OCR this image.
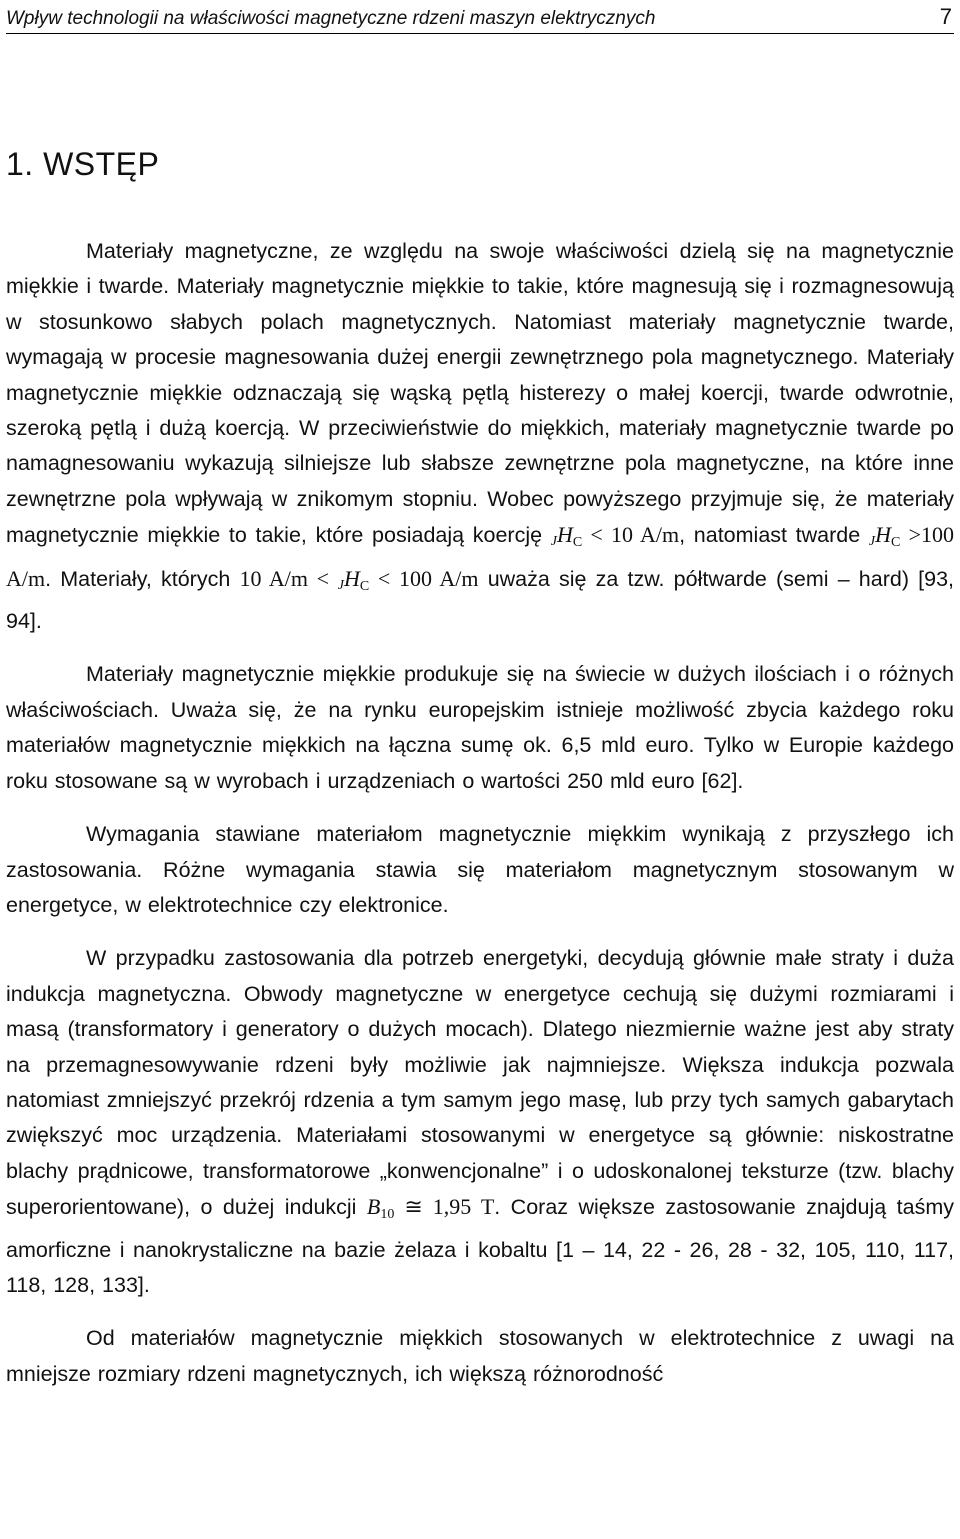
Wpływ technologii na właściwości magnetyczne rdzeni maszyn elektrycznych	7
1. WSTĘP

Materiały magnetyczne, ze względu na swoje właściwości dzielą się na magnetycznie miękkie i twarde. Materiały magnetycznie miękkie to takie, które magnesują się i rozmagnesowują w stosunkowo słabych polach magnetycznych. Natomiast materiały magnetycznie twarde, wymagają w procesie magnesowania dużej energii zewnętrznego pola magnetycznego. Materiały magnetycznie miękkie odznaczają się wąską pętlą histerezy o małej koercji, twarde odwrotnie, szeroką pętlą i dużą koercją. W przeciwieństwie do miękkich, materiały magnetycznie twarde po namagnesowaniu wykazują silniejsze lub słabsze zewnętrzne pola magnetyczne, na które inne zewnętrzne pola wpływają w znikomym stopniu. Wobec powyższego przyjmuje się, że materiały magnetycznie miękkie to takie, które posiadają koercję $JH_C < 10$ A/m, natomiast twarde $JH_C >100$ A/m. Materiały, których 10 $A/m < JH_C < 100$ A/m uważa się za tzw. półtwarde (semi – hard) [93, 94].

Materiały magnetycznie miękkie produkuje się na świecie w dużych ilościach i o różnych właściwościach. Uważa się, że na rynku europejskim istnieje możliwość zbycia każdego roku materiałów magnetycznie miękkich na łączna sumę ok. 6,5 mld euro. Tylko w Europie każdego roku stosowane są w wyrobach i urządzeniach o wartości 250 mld euro [62].

Wymagania stawiane materiałom magnetycznie miękkim wynikają z przyszłego ich zastosowania. Różne wymagania stawia się materiałom magnetycznym stosowanym w energetyce, w elektrotechnice czy elektronice.

W przypadku zastosowania dla potrzeb energetyki, decydują głównie małe straty i duża indukcja magnetyczna. Obwody magnetyczne w energetyce cechują się dużymi rozmiarami i masą (transformatory i generatory o dużych mocach). Dlatego niezmiernie ważne jest aby straty na przemagnesowywanie rdzeni były możliwie jak najmniejsze. Większa indukcja pozwala natomiast zmniejszyć przekrój rdzenia a tym samym jego masę, lub przy tych samych gabarytach zwiększyć moc urządzenia. Materiałami stosowanymi w energetyce są głównie: niskostratne blachy prądnicowe, transformatorowe „konwencjonalne” i o udoskonalonej teksturze (tzw. blachy superorientowane), o dużej indukcji $B_{10}$ ≅ 1,95 T. Coraz większe zastosowanie znajdują taśmy amorficzne i nanokrystaliczne na bazie żelaza i kobaltu [1 – 14, 22 - 26, 28 - 32, 105, 110, 117, 118, 128, 133].

Od materiałów magnetycznie miękkich stosowanych w elektrotechnice z uwagi na mniejsze rozmiary rdzeni magnetycznych, ich większą różnorodność
